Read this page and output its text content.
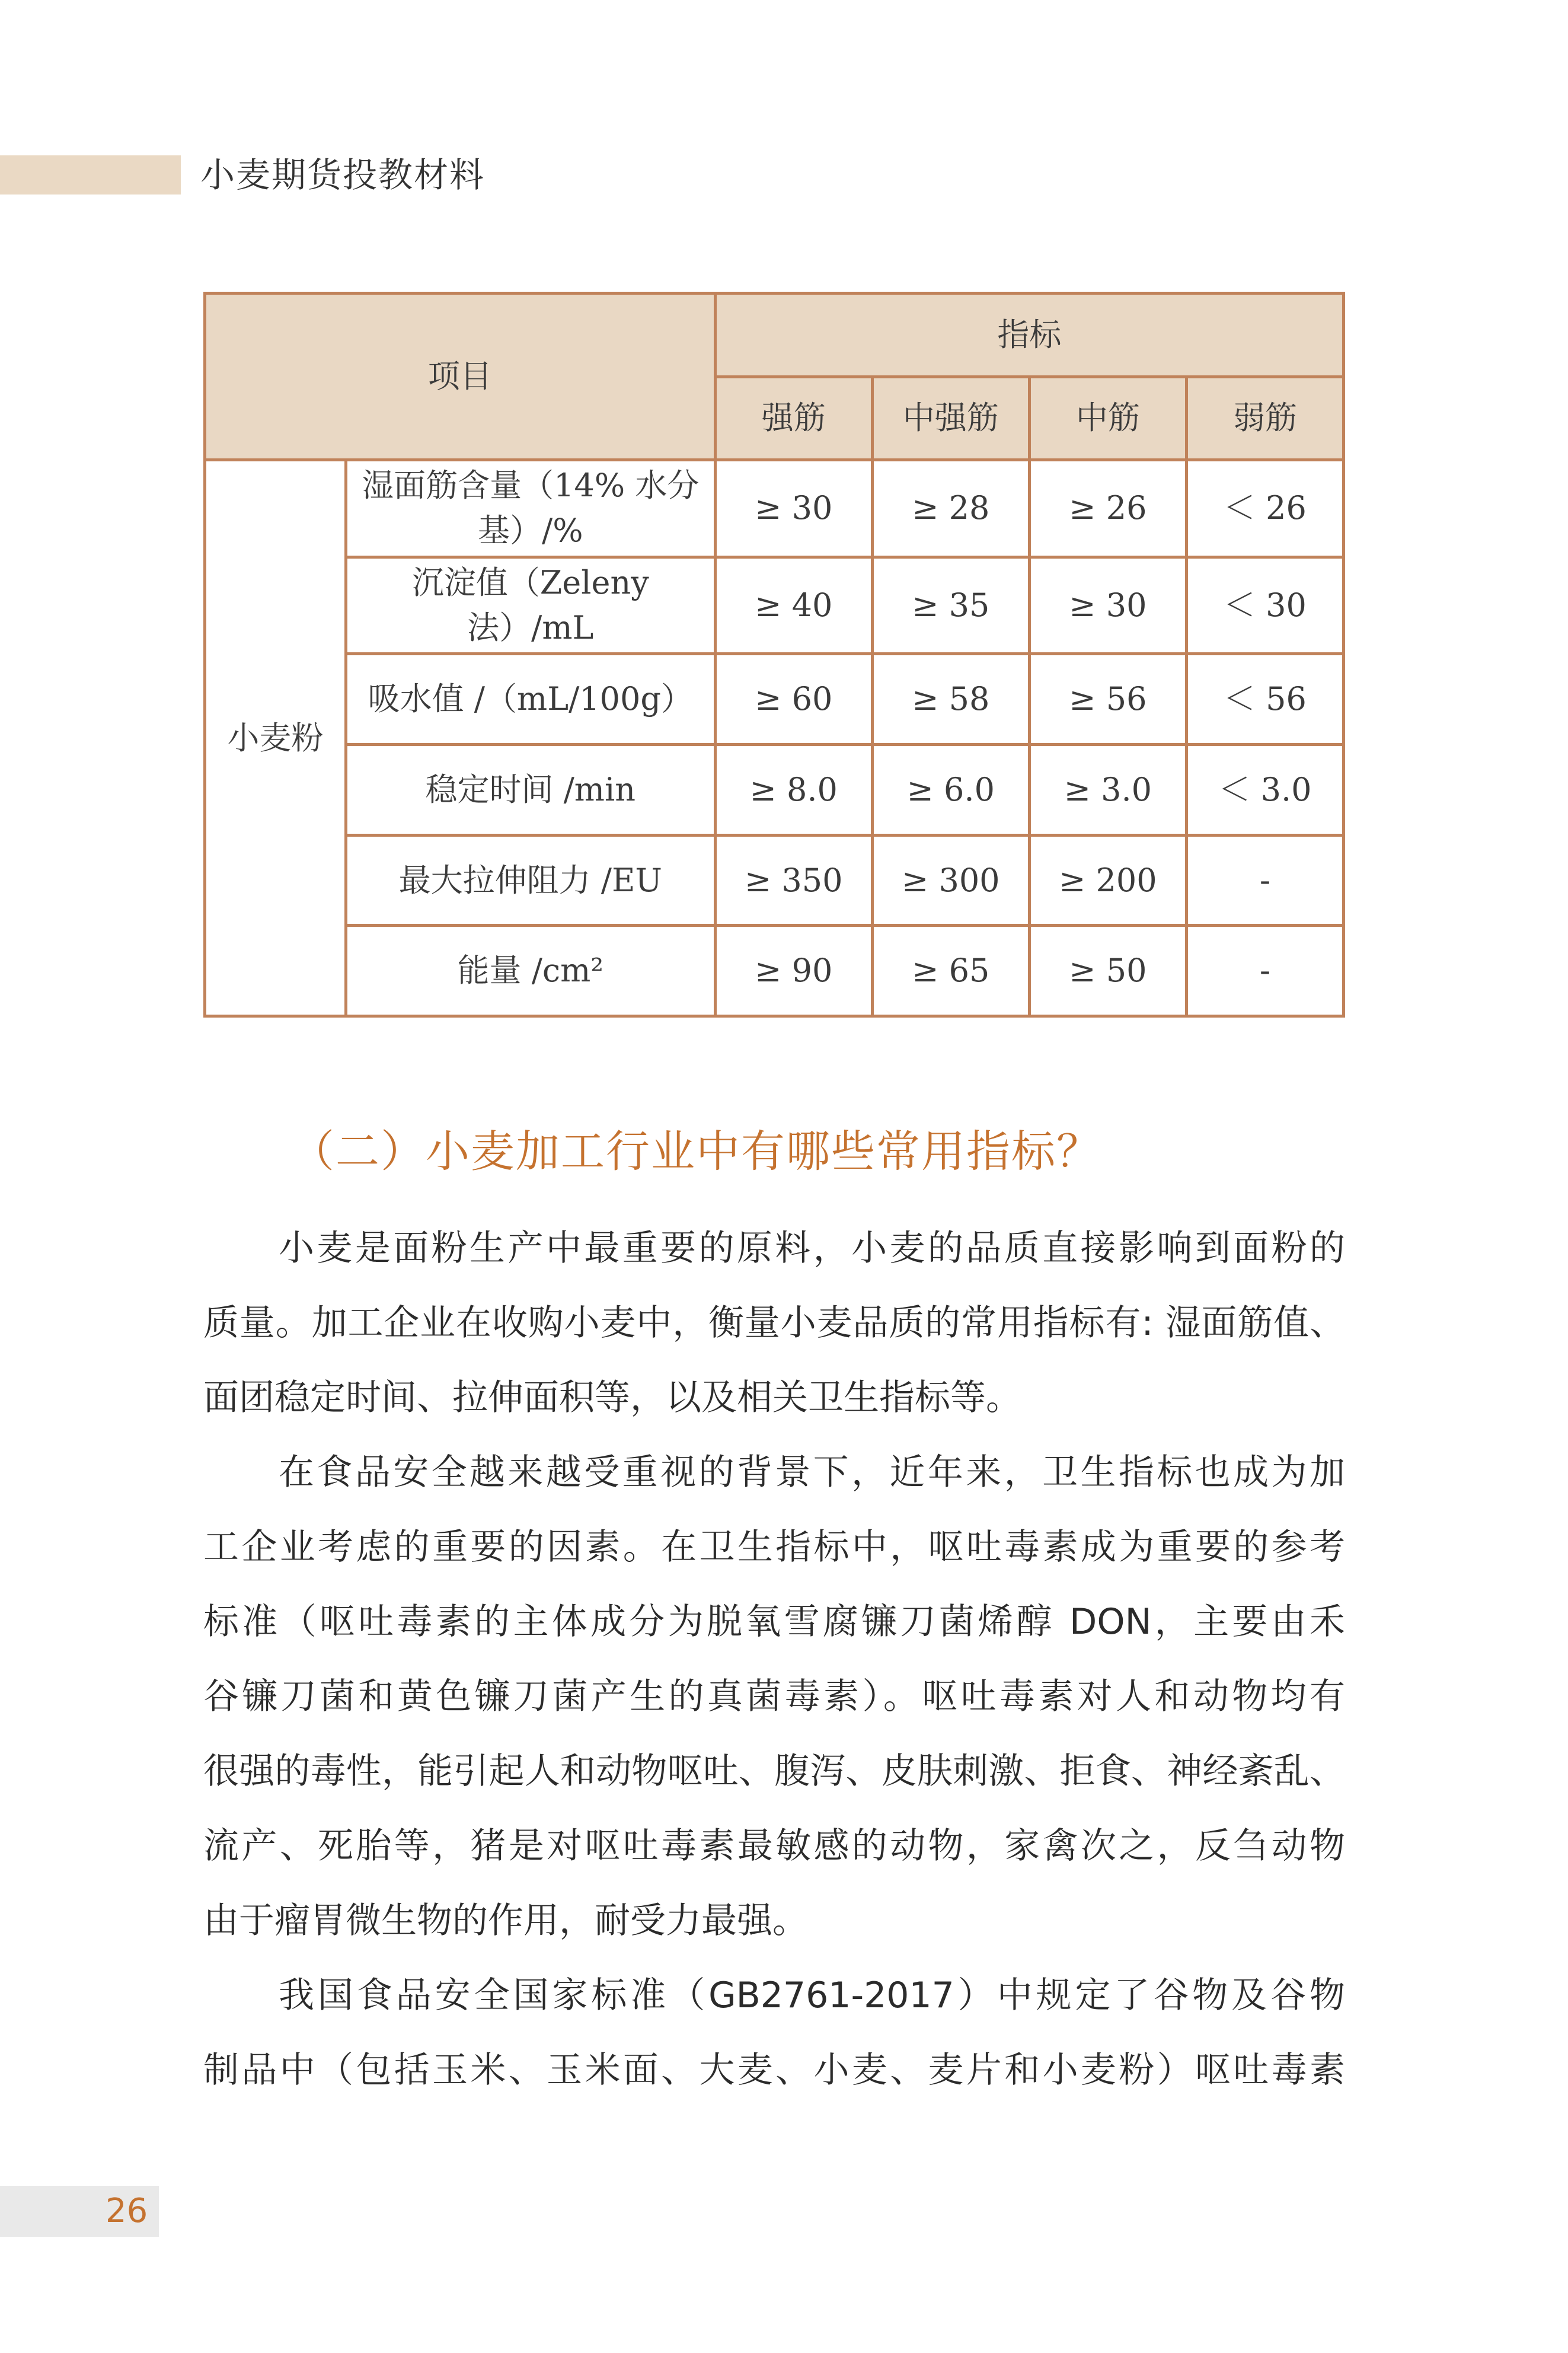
小麦期货投教材料
项目		指标			
		强筋	中强筋	中筋	弱筋
小麦粉	湿面筋含量（14% 水分基）/%	≥ 30	≥ 28	≥ 26	＜ 26
	沉淀值（Zeleny 法）/mL	≥ 40	≥ 35	≥ 30	＜ 30
	吸水值 /（mL/100g）	≥ 60	≥ 58	≥ 56	＜ 56
	稳定时间 /min	≥ 8.0	≥ 6.0	≥ 3.0	＜ 3.0
	最大拉伸阻力 /EU	≥ 350	≥ 300	≥ 200	-
	能量 /cm²	≥ 90	≥ 65	≥ 50	-
（二）小麦加工行业中有哪些常用指标？
小麦是面粉生产中最重要的原料，小麦的品质直接影响到面粉的
质量。加工企业在收购小麦中，衡量小麦品质的常用指标有: 湿面筋值、
面团稳定时间、拉伸面积等，以及相关卫生指标等。
在食品安全越来越受重视的背景下，近年来，卫生指标也成为加
工企业考虑的重要的因素。在卫生指标中，呕吐毒素成为重要的参考
标准（呕吐毒素的主体成分为脱氧雪腐镰刀菌烯醇 DON，主要由禾
谷镰刀菌和黄色镰刀菌产生的真菌毒素）。呕吐毒素对人和动物均有
很强的毒性，能引起人和动物呕吐、腹泻、皮肤刺激、拒食、神经紊乱、
流产、死胎等，猪是对呕吐毒素最敏感的动物，家禽次之，反刍动物
由于瘤胃微生物的作用，耐受力最强。
我国食品安全国家标准（GB2761-2017）中规定了谷物及谷物
制品中（包括玉米、玉米面、大麦、小麦、麦片和小麦粉）呕吐毒素
26
